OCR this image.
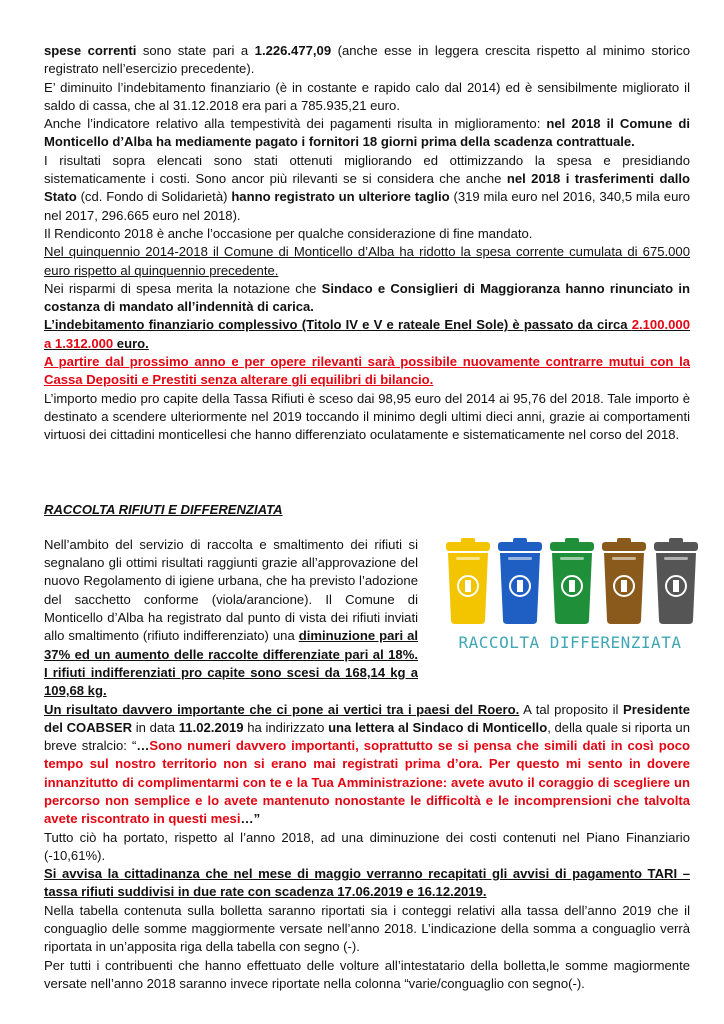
spese correnti sono state pari a 1.226.477,09 (anche esse in leggera crescita rispetto al minimo storico registrato nell’esercizio precedente).

E’ diminuito l’indebitamento finanziario (è in costante e rapido calo dal 2014) ed è sensibilmente migliorato il saldo di cassa, che al 31.12.2018 era pari a 785.935,21 euro.

Anche l’indicatore relativo alla tempestività dei pagamenti risulta in miglioramento: nel 2018 il Comune di Monticello d’Alba ha mediamente pagato i fornitori 18 giorni prima della scadenza contrattuale.

I risultati sopra elencati sono stati ottenuti migliorando ed ottimizzando la spesa e presidiando sistematicamente i costi. Sono ancor più rilevanti se si considera che anche nel 2018 i trasferimenti dallo Stato (cd. Fondo di Solidarietà) hanno registrato un ulteriore taglio (319 mila euro nel 2016, 340,5 mila euro nel 2017, 296.665 euro nel 2018).

Il Rendiconto 2018 è anche l’occasione per qualche considerazione di fine mandato.

Nel quinquennio 2014-2018 il Comune di Monticello d’Alba ha ridotto la spesa corrente cumulata di 675.000 euro rispetto al quinquennio precedente.

Nei risparmi di spesa merita la notazione che Sindaco e Consiglieri di Maggioranza hanno rinunciato in costanza di mandato all’indennità di carica.

L’indebitamento finanziario complessivo (Titolo IV e V e rateale Enel Sole) è passato da circa 2.100.000 a 1.312.000 euro.

A partire dal prossimo anno e per opere rilevanti sarà possibile nuovamente contrarre mutui con la Cassa Depositi e Prestiti senza alterare gli equilibri di bilancio.

L’importo medio pro capite della Tassa Rifiuti è sceso dai 98,95 euro del 2014 ai 95,76 del 2018. Tale importo è destinato a scendere ulteriormente nel 2019 toccando il minimo degli ultimi dieci anni, grazie ai comportamenti virtuosi dei cittadini monticellesi che hanno differenziato oculatamente e sistematicamente nel corso del 2018.

RACCOLTA RIFIUTI E DIFFERENZIATA

Nell’ambito del servizio di raccolta e smaltimento dei rifiuti si segnalano gli ottimi risultati raggiunti grazie all’approvazione del nuovo Regolamento di igiene urbana, che ha previsto l’adozione del sacchetto conforme (viola/arancione). Il Comune di Monticello d’Alba ha registrato dal punto di vista dei rifiuti inviati allo smaltimento (rifiuto indifferenziato) una diminuzione pari al 37% ed un aumento delle raccolte differenziate pari al 18%. I rifiuti indifferenziati pro capite sono scesi da 168,14 kg a 109,68 kg.

RACCOLTA DIFFERENZIATA

Un risultato davvero importante che ci pone ai vertici tra i paesi del Roero. A tal proposito il Presidente del COABSER in data 11.02.2019 ha indirizzato una lettera al Sindaco di Monticello, della quale si riporta un breve stralcio: “…Sono numeri davvero importanti, soprattutto se si pensa che simili dati in così poco tempo sul nostro territorio non si erano mai registrati prima d’ora. Per questo mi sento in dovere innanzitutto di complimentarmi con te e la Tua Amministrazione: avete avuto il coraggio di scegliere un percorso non semplice e lo avete mantenuto nonostante le difficoltà e le incomprensioni che talvolta avete riscontrato in questi mesi…”

Tutto ciò ha portato, rispetto al l’anno 2018, ad una diminuzione dei costi contenuti nel Piano Finanziario (-10,61%).

Si avvisa la cittadinanza che nel mese di maggio verranno recapitati gli avvisi di pagamento TARI – tassa rifiuti suddivisi in due rate con scadenza 17.06.2019 e 16.12.2019.

Nella tabella contenuta sulla bolletta saranno riportati sia i conteggi relativi alla tassa dell’anno 2019 che il conguaglio delle somme maggiormente versate nell’anno 2018. L’indicazione della somma a conguaglio verrà riportata in un’apposita riga della tabella con segno (-).

Per tutti i contribuenti che hanno effettuato delle volture all’intestatario della bolletta,le somme magiormente versate nell’anno 2018 saranno invece riportate nella colonna “varie/conguaglio con segno(-).
